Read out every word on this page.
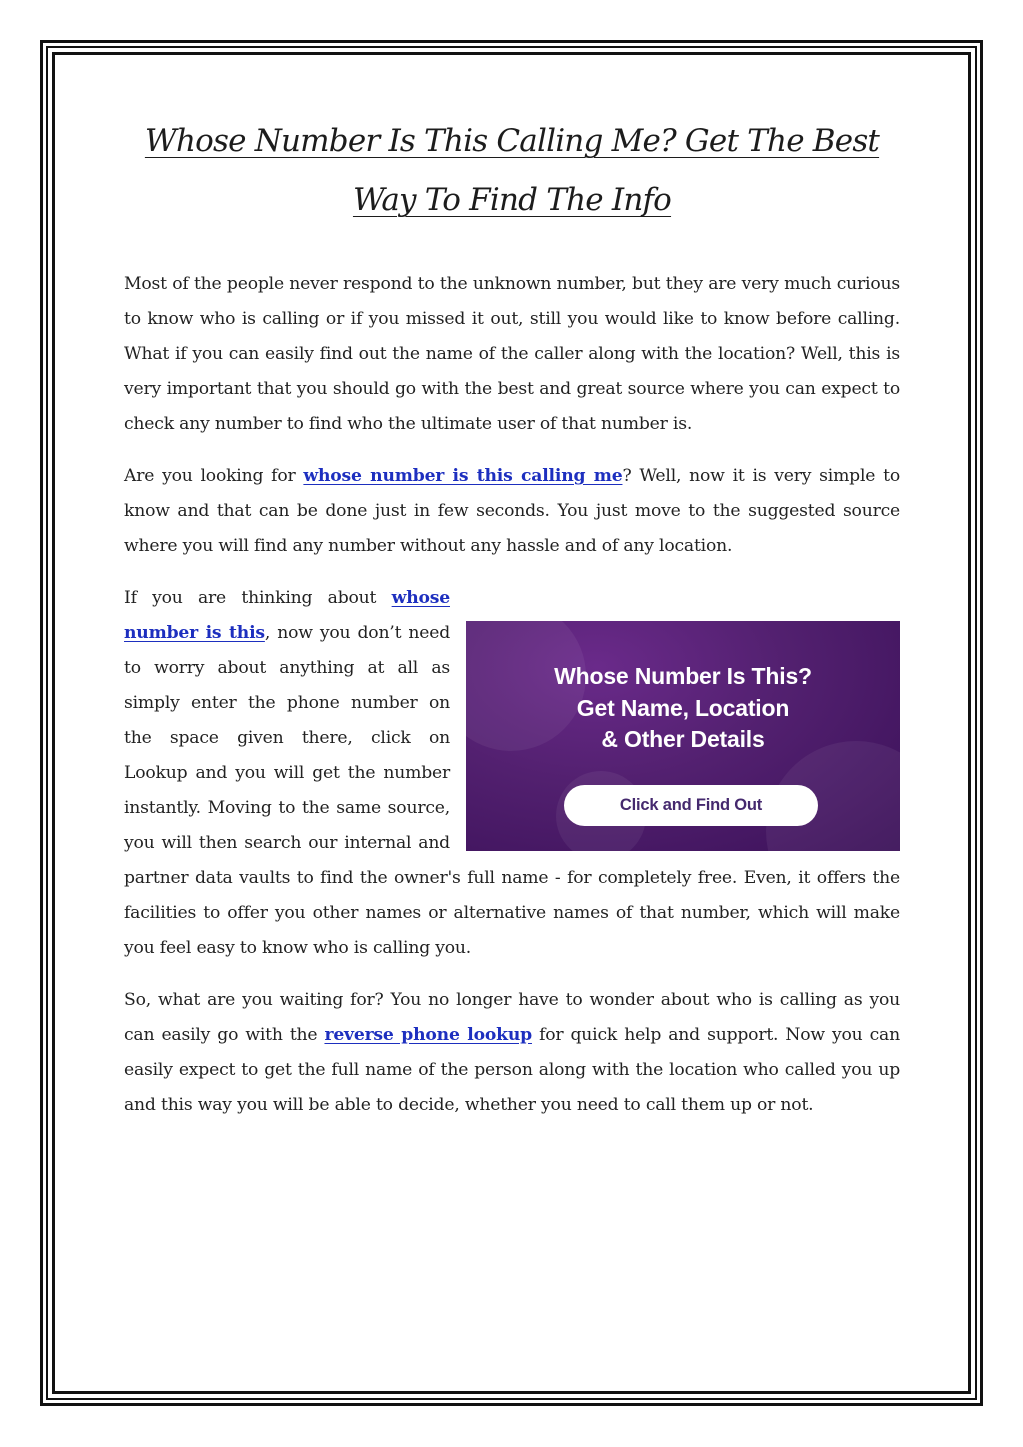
Whose Number Is This Calling Me? Get The Best
Way To Find The Info

Most of the people never respond to the unknown number, but they are very much curious to know who is calling or if you missed it out, still you would like to know before calling. What if you can easily find out the name of the caller along with the location? Well, this is very important that you should go with the best and great source where you can expect to check any number to find who the ultimate user of that number is.

Are you looking for whose number is this calling me? Well, now it is very simple to know and that can be done just in few seconds. You just move to the suggested source where you will find any number without any hassle and of any location.

Whose Number Is This?
Get Name, Location
& Other Details
Click and Find Out
If you are thinking about whose number is this, now you don’t need to worry about anything at all as simply enter the phone number on the space given there, click on Lookup and you will get the number instantly. Moving to the same source, you will then search our internal and partner data vaults to find the owner's full name - for completely free. Even, it offers the facilities to offer you other names or alternative names of that number, which will make you feel easy to know who is calling you.

So, what are you waiting for? You no longer have to wonder about who is calling as you can easily go with the reverse phone lookup for quick help and support. Now you can easily expect to get the full name of the person along with the location who called you up and this way you will be able to decide, whether you need to call them up or not.
